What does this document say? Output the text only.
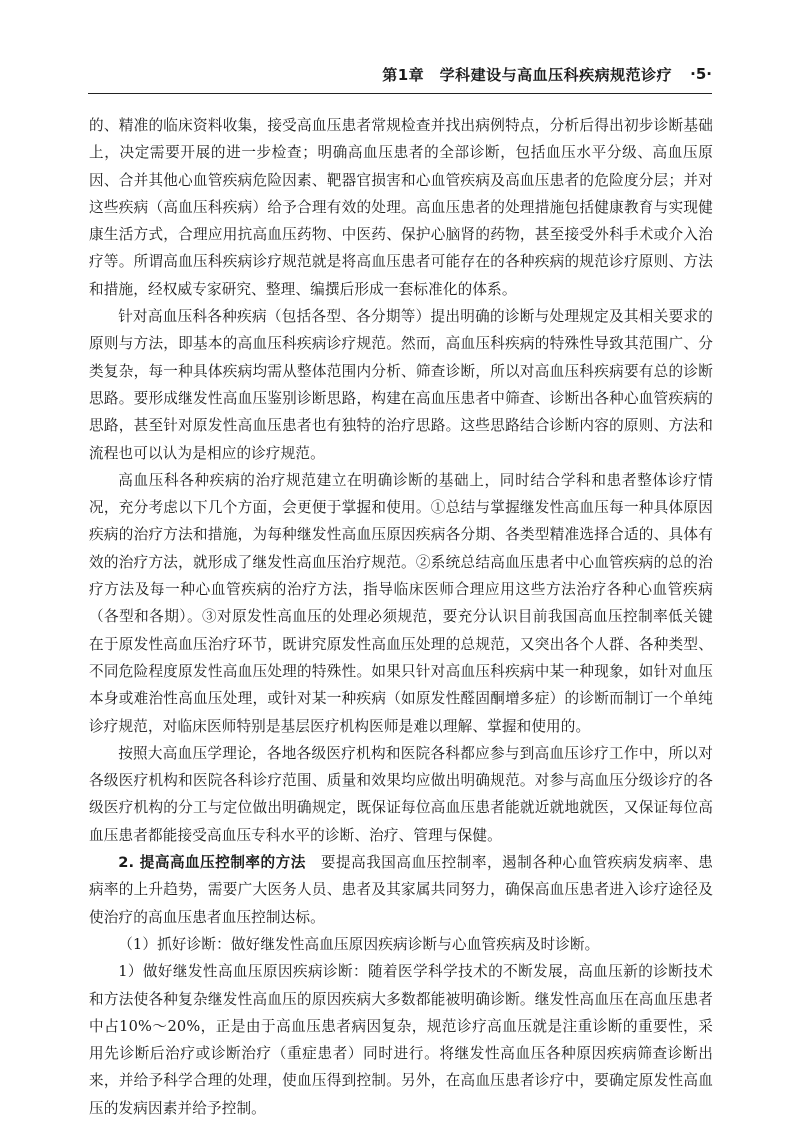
第1章　学科建设与高血压科疾病规范诊疗 ·5·

的、精准的临床资料收集，接受高血压患者常规检查并找出病例特点，分析后得出初步诊断基础上，决定需要开展的进一步检查；明确高血压患者的全部诊断，包括血压水平分级、高血压原因、合并其他心血管疾病危险因素、靶器官损害和心血管疾病及高血压患者的危险度分层；并对这些疾病（高血压科疾病）给予合理有效的处理。高血压患者的处理措施包括健康教育与实现健康生活方式，合理应用抗高血压药物、中医药、保护心脑肾的药物，甚至接受外科手术或介入治疗等。所谓高血压科疾病诊疗规范就是将高血压患者可能存在的各种疾病的规范诊疗原则、方法和措施，经权威专家研究、整理、编撰后形成一套标准化的体系。

针对高血压科各种疾病（包括各型、各分期等）提出明确的诊断与处理规定及其相关要求的原则与方法，即基本的高血压科疾病诊疗规范。然而，高血压科疾病的特殊性导致其范围广、分类复杂，每一种具体疾病均需从整体范围内分析、筛查诊断，所以对高血压科疾病要有总的诊断思路。要形成继发性高血压鉴别诊断思路，构建在高血压患者中筛查、诊断出各种心血管疾病的思路，甚至针对原发性高血压患者也有独特的治疗思路。这些思路结合诊断内容的原则、方法和流程也可以认为是相应的诊疗规范。

高血压科各种疾病的治疗规范建立在明确诊断的基础上，同时结合学科和患者整体诊疗情况，充分考虑以下几个方面，会更便于掌握和使用。①总结与掌握继发性高血压每一种具体原因疾病的治疗方法和措施，为每种继发性高血压原因疾病各分期、各类型精准选择合适的、具体有效的治疗方法，就形成了继发性高血压治疗规范。②系统总结高血压患者中心血管疾病的总的治疗方法及每一种心血管疾病的治疗方法，指导临床医师合理应用这些方法治疗各种心血管疾病（各型和各期）。③对原发性高血压的处理必须规范，要充分认识目前我国高血压控制率低关键在于原发性高血压治疗环节，既讲究原发性高血压处理的总规范，又突出各个人群、各种类型、不同危险程度原发性高血压处理的特殊性。如果只针对高血压科疾病中某一种现象，如针对血压本身或难治性高血压处理，或针对某一种疾病（如原发性醛固酮增多症）的诊断而制订一个单纯诊疗规范，对临床医师特别是基层医疗机构医师是难以理解、掌握和使用的。

按照大高血压学理论，各地各级医疗机构和医院各科都应参与到高血压诊疗工作中，所以对各级医疗机构和医院各科诊疗范围、质量和效果均应做出明确规范。对参与高血压分级诊疗的各级医疗机构的分工与定位做出明确规定，既保证每位高血压患者能就近就地就医，又保证每位高血压患者都能接受高血压专科水平的诊断、治疗、管理与保健。

2. 提高高血压控制率的方法　要提高我国高血压控制率，遏制各种心血管疾病发病率、患病率的上升趋势，需要广大医务人员、患者及其家属共同努力，确保高血压患者进入诊疗途径及使治疗的高血压患者血压控制达标。

（1）抓好诊断：做好继发性高血压原因疾病诊断与心血管疾病及时诊断。

1）做好继发性高血压原因疾病诊断：随着医学科学技术的不断发展，高血压新的诊断技术和方法使各种复杂继发性高血压的原因疾病大多数都能被明确诊断。继发性高血压在高血压患者中占10%～20%，正是由于高血压患者病因复杂，规范诊疗高血压就是注重诊断的重要性，采用先诊断后治疗或诊断治疗（重症患者）同时进行。将继发性高血压各种原因疾病筛查诊断出来，并给予科学合理的处理，使血压得到控制。另外，在高血压患者诊疗中，要确定原发性高血压的发病因素并给予控制。
